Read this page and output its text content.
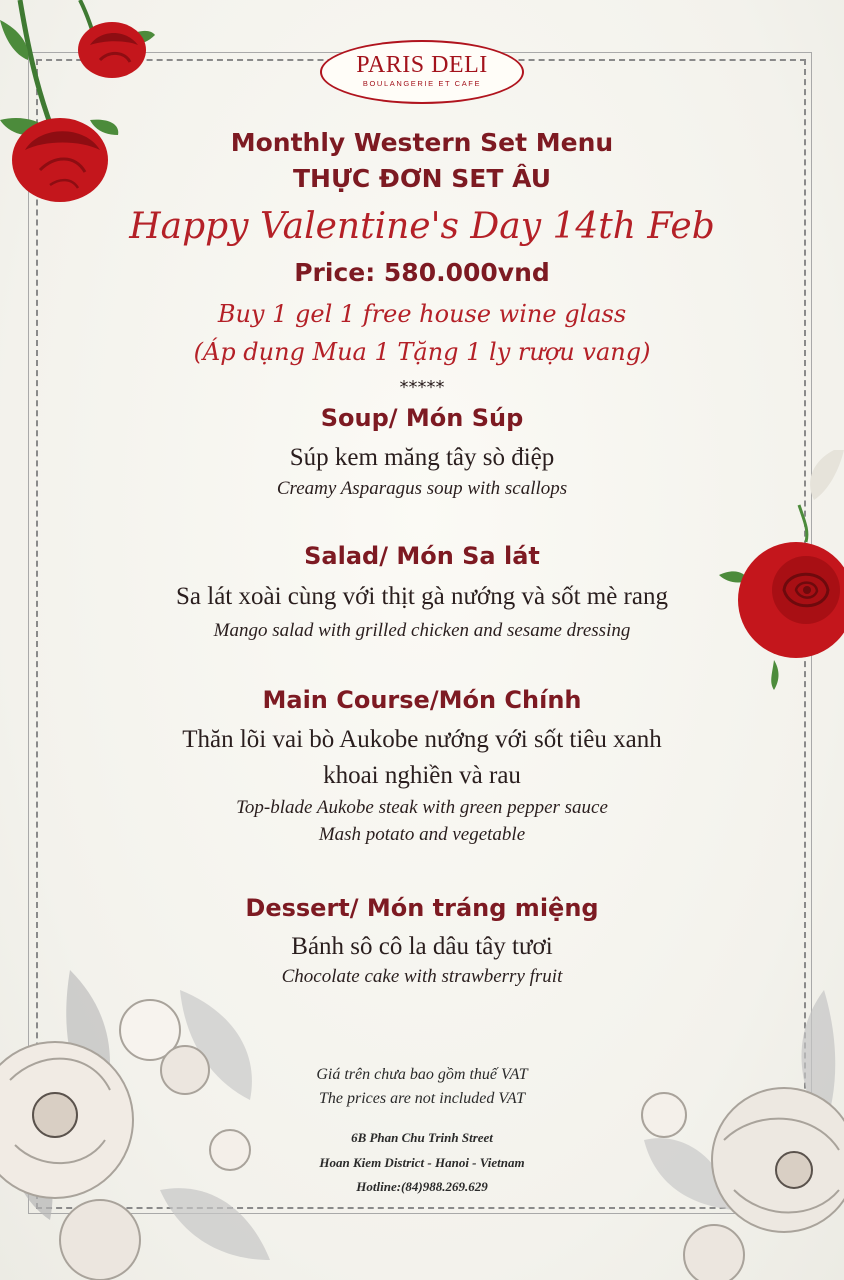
PARIS DELI
BOULANGERIE ET CAFE
Monthly Western Set Menu
THỰC ĐƠN SET ÂU
Happy Valentine's Day 14th Feb
Price: 580.000vnd
Buy 1 gel 1 free house wine glass
(Áp dụng Mua 1 Tặng 1 ly rượu vang)
*****
Soup/ Món Súp
Súp kem măng tây sò điệp
Creamy Asparagus soup with scallops
Salad/ Món Sa lát
Sa lát xoài cùng với thịt gà nướng và sốt mè rang
Mango salad with grilled chicken and sesame dressing
Main Course/Món Chính
Thăn lõi vai bò Aukobe nướng với sốt tiêu xanh
khoai nghiền và rau
Top-blade Aukobe steak with green pepper sauce
Mash potato and vegetable
Dessert/ Món tráng miệng
Bánh sô cô la dâu tây tươi
Chocolate cake with strawberry fruit
Giá trên chưa bao gồm thuế VAT
The prices are not included VAT
6B Phan Chu Trinh Street
Hoan Kiem District - Hanoi - Vietnam
Hotline:(84)988.269.629
